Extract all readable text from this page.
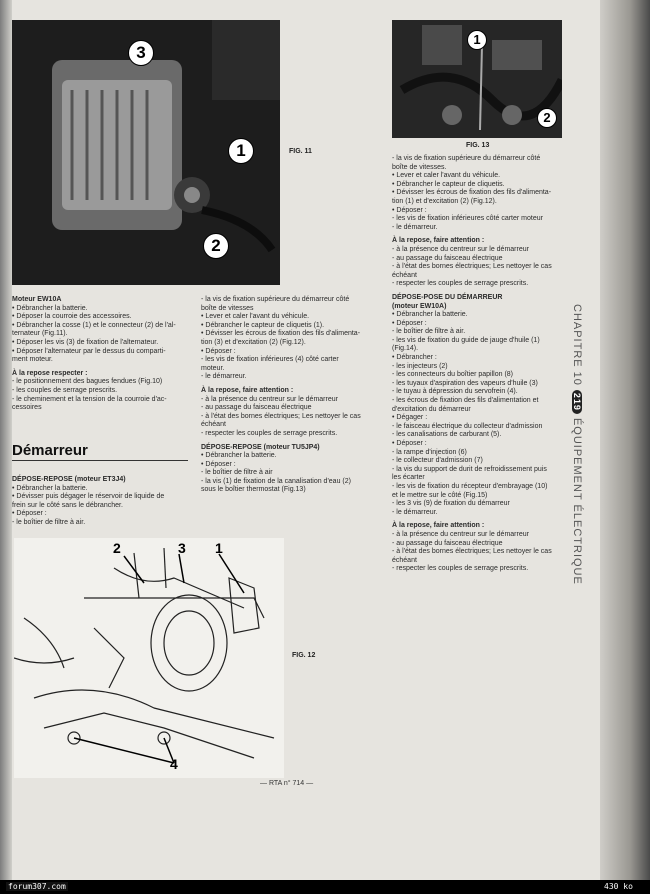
3
1
2
FIG. 11
1
2
FIG. 13
2	3 1
4
FIG. 12
Moteur EW10A
• Débrancher la batterie.
• Déposer la courroie des accessoires.
• Débrancher la cosse (1) et le connecteur (2) de l'al-
ternateur (Fig.11).
• Déposer les vis (3) de fixation de l'alternateur.
• Déposer l'alternateur par le dessus du comparti-
ment moteur.
À la repose respecter :
- le positionnement des bagues fendues (Fig.10)
- les couples de serrage prescrits.
- le cheminement et la tension de la courroie d'ac-
cessoires
Démarreur
DÉPOSE-REPOSE (moteur ET3J4)
• Débrancher la batterie.
• Dévisser puis dégager le réservoir de liquide de
frein sur le côté sans le débrancher.
• Déposer :
- le boîtier de filtre à air.
- la vis de fixation supérieure du démarreur côté
boîte de vitesses
• Lever et caler l'avant du véhicule.
• Débrancher le capteur de cliquetis (1).
• Dévisser les écrous de fixation des fils d'alimenta-
tion (3) et d'excitation (2) (Fig.12).
• Déposer :
- les vis de fixation inférieures (4) côté carter
moteur.
- le démarreur.
À la repose, faire attention :
- à la présence du centreur sur le démarreur
- au passage du faisceau électrique
- à l'état des bornes électriques; Les nettoyer le cas
échéant
- respecter les couples de serrage prescrits.
DÉPOSE-REPOSE (moteur TU5JP4)
• Débrancher la batterie.
• Déposer :
- le boîtier de filtre à air
- la vis (1) de fixation de la canalisation d'eau (2)
sous le boîtier thermostat (Fig.13)
- la vis de fixation supérieure du démarreur côté
boîte de vitesses.
• Lever et caler l'avant du véhicule.
• Débrancher le capteur de cliquetis.
• Dévisser les écrous de fixation des fils d'alimenta-
tion (1) et d'excitation (2) (Fig.12).
• Déposer :
- les vis de fixation inférieures côté carter moteur
- le démarreur.
À la repose, faire attention :
- à la présence du centreur sur le démarreur
- au passage du faisceau électrique
- à l'état des bornes électriques; Les nettoyer le cas
échéant
- respecter les couples de serrage prescrits.
DÉPOSE-POSE DU DÉMARREUR
(moteur EW10A)
• Débrancher la batterie.
• Déposer :
- le boîtier de filtre à air.
- les vis de fixation du guide de jauge d'huile (1)
(Fig.14).
• Débrancher :
- les injecteurs (2)
- les connecteurs du boîtier papillon (8)
- les tuyaux d'aspiration des vapeurs d'huile (3)
- le tuyau à dépression du servofrein (4).
- les écrous de fixation des fils d'alimentation et
d'excitation du démarreur
• Dégager :
- le faisceau électrique du collecteur d'admission
- les canalisations de carburant (5).
• Déposer :
- la rampe d'injection (6)
- le collecteur d'admission (7)
- la vis du support de durit de refroidissement puis
les écarter
- les vis de fixation du récepteur d'embrayage (10)
et le mettre sur le côté (Fig.15)
- les 3 vis (9) de fixation du démarreur
- le démarreur.
À la repose, faire attention :
- à la présence du centreur sur le démarreur
- au passage du faisceau électrique
- à l'état des bornes électriques; Les nettoyer le cas
échéant
- respecter les couples de serrage prescrits.
CHAPITRE 10219ÉQUIPEMENT ÉLECTRIQUE
— RTA n° 714 —
forum307.com	430 ko
